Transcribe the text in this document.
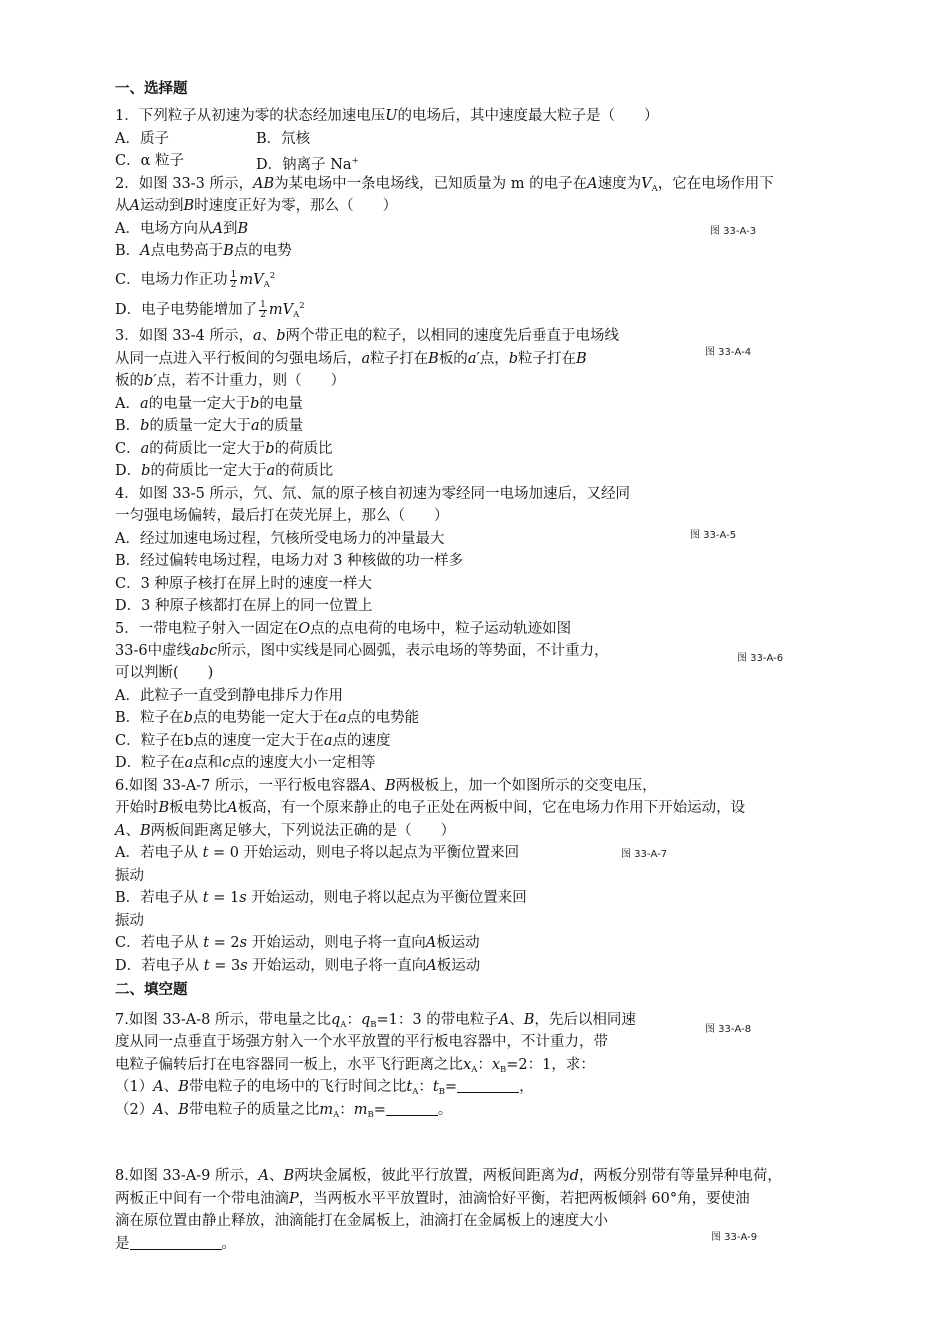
一、选择题
1．下列粒子从初速为零的状态经加速电压U的电场后，其中速度最大粒子是（　　）
A．质子	B．氘核
C．α 粒子	D．钠离子 Na+
2．如图 33-3 所示，AB为某电场中一条电场线，已知质量为 m 的电子在A速度为$V_A$，它在电场作用下
从A运动到B时速度正好为零，那么（　　）
A．电场方向从A到B	图 33-A-3
B．A点电势高于B点的电势
C．电场力作正功 $\frac{1}{2} mV_A^2$
D．电子电势能增加了 $\frac{1}{2} mV_A^2$
3．如图 33-4 所示，a、b两个带正电的粒子，以相同的速度先后垂直于电场线
图 33-A-4
从同一点进入平行板间的匀强电场后，a粒子打在B板的a′点，b粒子打在B
板的b′点，若不计重力，则（　　）
A．a的电量一定大于b的电量
B．b的质量一定大于a的质量
C．a的荷质比一定大于b的荷质比
D．b的荷质比一定大于a的荷质比
4．如图 33-5 所示，氕、氘、氚的原子核自初速为零经同一电场加速后，又经同
一匀强电场偏转，最后打在荧光屏上，那么（　　）
图 33-A-5
A．经过加速电场过程，氕核所受电场力的冲量最大
B．经过偏转电场过程，电场力对 3 种核做的功一样多
C．3 种原子核打在屏上时的速度一样大
D．3 种原子核都打在屏上的同一位置上
5．一带电粒子射入一固定在O点的点电荷的电场中，粒子运动轨迹如图
33-6中虚线abc所示，图中实线是同心圆弧，表示电场的等势面，不计重力，	图 33-A-6
可以判断(　　)
A．此粒子一直受到静电排斥力作用
B．粒子在b点的电势能一定大于在a点的电势能
C．粒子在b点的速度一定大于在a点的速度
D．粒子在a点和c点的速度大小一定相等
6.如图 33-A-7 所示，一平行板电容器A、B两极板上，加一个如图所示的交变电压，
开始时B板电势比A板高，有一个原来静止的电子正处在两板中间，它在电场力作用下开始运动，设
A、B两板间距离足够大，下列说法正确的是（　　）
A．若电子从 t = 0 开始运动，则电子将以起点为平衡位置来回	图 33-A-7
振动
B．若电子从 t = 1s 开始运动，则电子将以起点为平衡位置来回
振动
C．若电子从 t = 2s 开始运动，则电子将一直向A板运动
D．若电子从 t = 3s 开始运动，则电子将一直向A板运动
二、填空题
7.如图 33-A-8 所示，带电量之比$q_A$：$q_B=1$：3 的带电粒子A、B，先后以相同速
图 33-A-8
度从同一点垂直于场强方射入一个水平放置的平行板电容器中，不计重力，带
电粒子偏转后打在电容器同一板上，水平飞行距离之比$x_A$：$x_B=2$：1，求：
（1）A、B带电粒子的电场中的飞行时间之比$t_A$：$t_B=$	，
（2）A、B带电粒子的质量之比$m_A$：$m_B=$	。
8.如图 33-A-9 所示，A、B两块金属板，彼此平行放置，两板间距离为d，两板分别带有等量异种电荷，
两板正中间有一个带电油滴P，当两板水平平放置时，油滴恰好平衡，若把两板倾斜 60°角，要使油
滴在原位置由静止释放，油滴能打在金属板上，油滴打在金属板上的速度大小
图 33-A-9
是	。
